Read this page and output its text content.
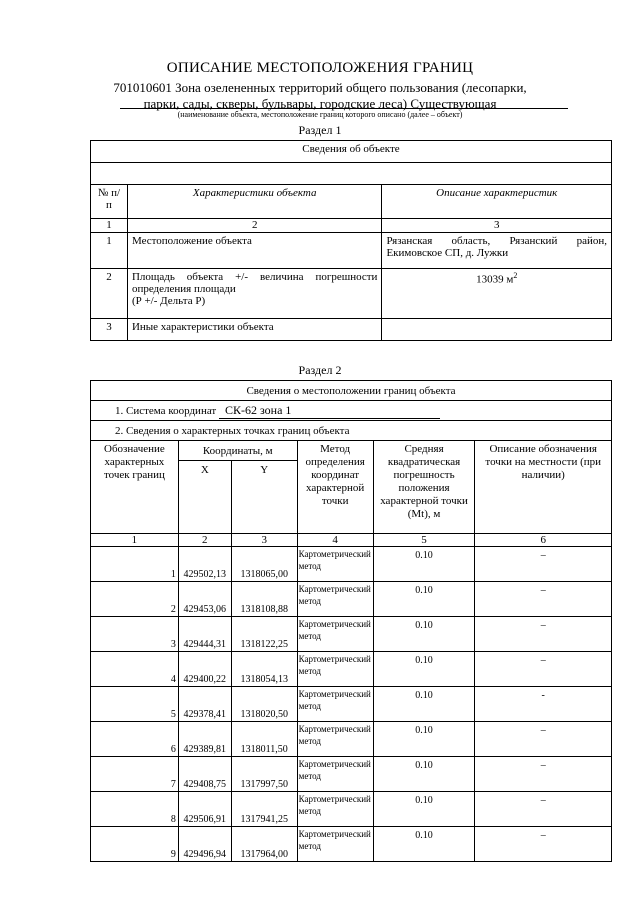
ОПИСАНИЕ МЕСТОПОЛОЖЕНИЯ ГРАНИЦ
701010601 Зона озелененных территорий общего пользования (лесопарки,
парки, сады, скверы, бульвары, городские леса) Существующая
(наименование объекта, местоположение границ которого описано (далее – объект)
Раздел 1
Сведения об объекте		

№ п/п	Характеристики объекта	Описание характеристик
1	2	3
1	Местоположение объекта	Рязанская область, Рязанский район, Екимовское СП, д. Лужки
2	Площадь объекта +/- величина погрешности определения площади
(Р +/- Дельта Р)	13039 $м^2$
3	Иные характеристики объекта	
Раздел 2
Сведения о местоположении границ объекта					
1. Система координат СК-62 зона 1					
2. Сведения о характерных точках границ объекта					
Обозначение характерных точек границ	Координаты, м		Метод определения координат характерной точки	Средняя квадратическая погрешность положения характерной точки (Mt), м	Описание обозначения точки на местности (при наличии)
	X	Y			
1	2	3	4	5	6
1	429502,13	1318065,00	Картометрический метод	0.10	–
2	429453,06	1318108,88	Картометрический метод	0.10	–
3	429444,31	1318122,25	Картометрический метод	0.10	–
4	429400,22	1318054,13	Картометрический метод	0.10	–
5	429378,41	1318020,50	Картометрический метод	0.10	-
6	429389,81	1318011,50	Картометрический метод	0.10	–
7	429408,75	1317997,50	Картометрический метод	0.10	–
8	429506,91	1317941,25	Картометрический метод	0.10	–
9	429496,94	1317964,00	Картометрический метод	0.10	–
